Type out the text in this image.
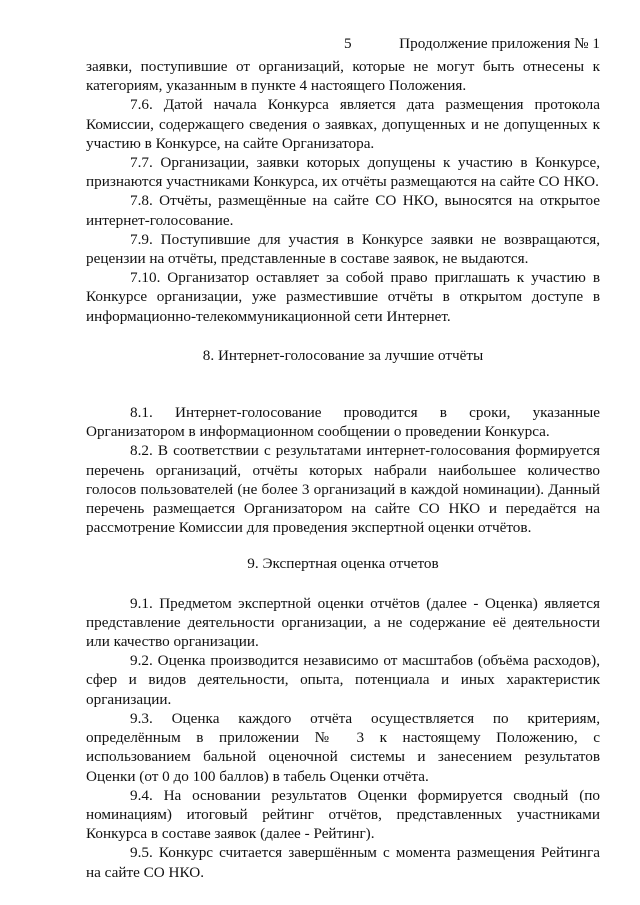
5	Продолжение приложения № 1

заявки, поступившие от организаций, которые не могут быть отнесены к категориям, указанным в пункте 4 настоящего Положения.

7.6. Датой начала Конкурса является дата размещения протокола Комиссии, содержащего сведения о заявках, допущенных и не допущенных к участию в Конкурсе, на сайте Организатора.

7.7. Организации, заявки которых допущены к участию в Конкурсе, признаются участниками Конкурса, их отчёты размещаются на сайте СО НКО.

7.8. Отчёты, размещённые на сайте СО НКО, выносятся на открытое интернет-голосование.

7.9. Поступившие для участия в Конкурсе заявки не возвращаются, рецензии на отчёты, представленные в составе заявок, не выдаются.

7.10. Организатор оставляет за собой право приглашать к участию в Конкурсе организации, уже разместившие отчёты в открытом доступе в информационно-телекоммуникационной сети Интернет.

8. Интернет-голосование за лучшие отчёты

8.1. Интернет-голосование проводится в сроки, указанные Организатором в информационном сообщении о проведении Конкурса.

8.2. В соответствии с результатами интернет-голосования формируется перечень организаций, отчёты которых набрали наибольшее количество голосов пользователей (не более 3 организаций в каждой номинации). Данный перечень размещается Организатором на сайте СО НКО и передаётся на рассмотрение Комиссии для проведения экспертной оценки отчётов.

9. Экспертная оценка отчетов

9.1. Предметом экспертной оценки отчётов (далее - Оценка) является представление деятельности организации, а не содержание её деятельности или качество организации.

9.2. Оценка производится независимо от масштабов (объёма расходов), сфер и видов деятельности, опыта, потенциала и иных характеристик организации.

9.3. Оценка каждого отчёта осуществляется по критериям, определённым в приложении № 3 к настоящему Положению, с использованием бальной оценочной системы и занесением результатов Оценки (от 0 до 100 баллов) в табель Оценки отчёта.

9.4. На основании результатов Оценки формируется сводный (по номинациям) итоговый рейтинг отчётов, представленных участниками Конкурса в составе заявок (далее - Рейтинг).

9.5. Конкурс считается завершённым с момента размещения Рейтинга на сайте СО НКО.
